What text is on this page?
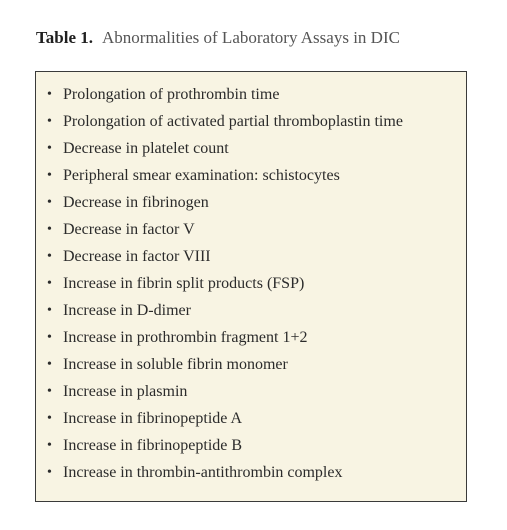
Table 1. Abnormalities of Laboratory Assays in DIC
• Prolongation of prothrombin time
• Prolongation of activated partial thromboplastin time
• Decrease in platelet count
• Peripheral smear examination: schistocytes
• Decrease in fibrinogen
• Decrease in factor V
• Decrease in factor VIII
• Increase in fibrin split products (FSP)
• Increase in D-dimer
• Increase in prothrombin fragment 1+2
• Increase in soluble fibrin monomer
• Increase in plasmin
• Increase in fibrinopeptide A
• Increase in fibrinopeptide B
• Increase in thrombin-antithrombin complex
